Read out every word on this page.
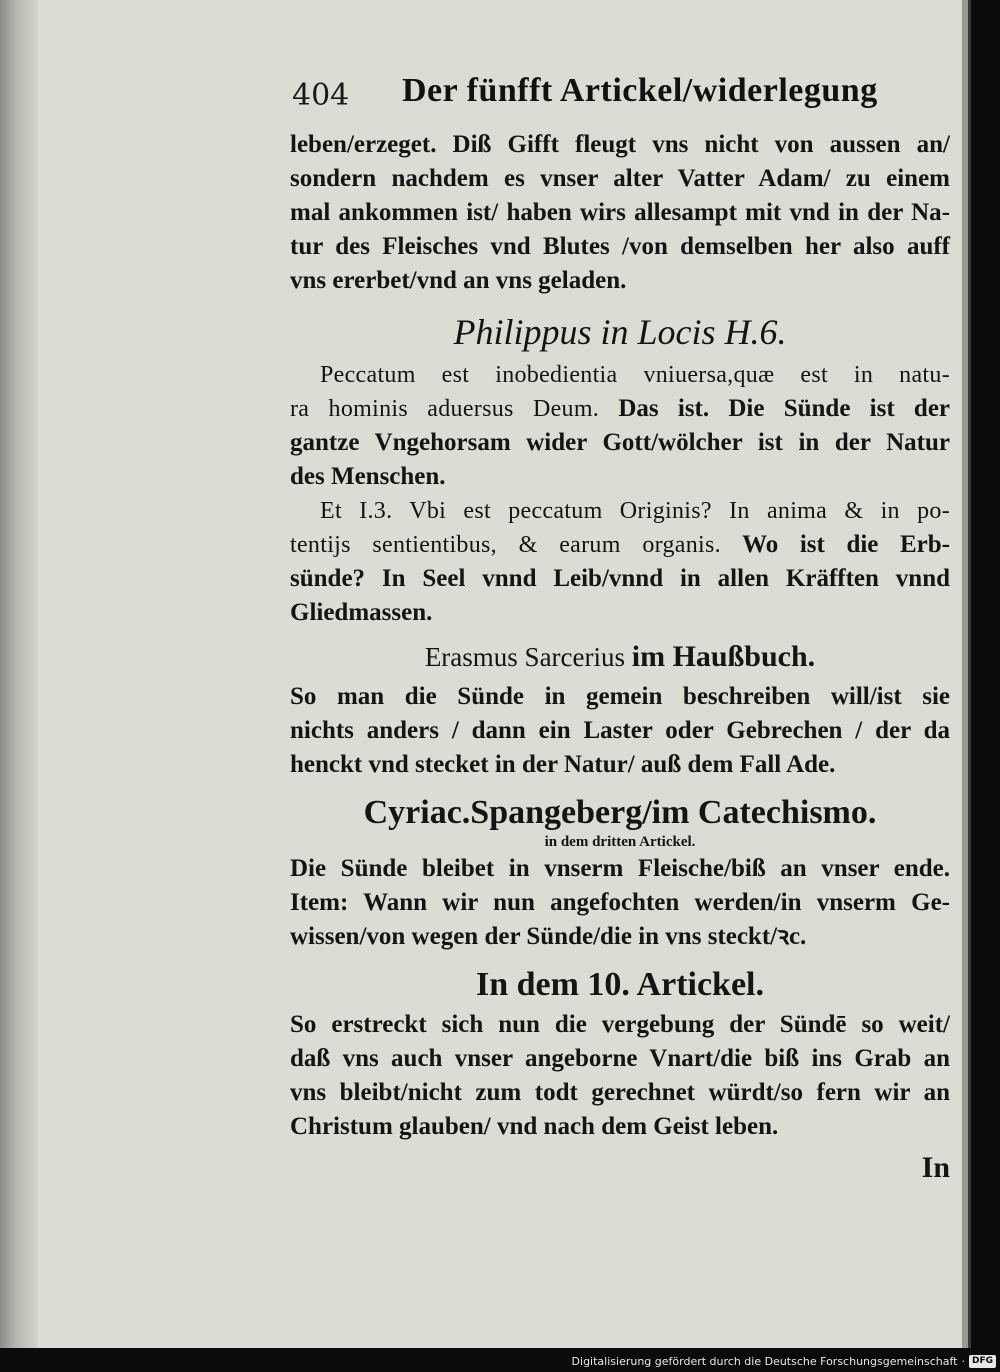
404 Der fünfft Artickel/widerlegung

leben/erzeget. Diß Gifft fleugt vns nicht von aussen an/

sondern nachdem es vnser alter Vatter Adam/ zu einem

mal ankommen ist/ haben wirs allesampt mit vnd in der Na-

tur des Fleisches vnd Blutes /von demselben her also auff

vns ererbet/vnd an vns geladen.

Philippus in Locis H.6.

Peccatum est inobedientia vniuersa,quæ est in natu-

ra hominis aduersus Deum. Das ist. Die Sünde ist der

gantze Vngehorsam wider Gott/wölcher ist in der Natur

des Menschen.

Et I.3. Vbi est peccatum Originis? In anima & in po-

tentijs sentientibus, & earum organis. Wo ist die Erb-

sünde? In Seel vnnd Leib/vnnd in allen Kräfften vnnd

Gliedmassen.

Erasmus Sarcerius im Haußbuch.

So man die Sünde in gemein beschreiben will/ist sie

nichts anders / dann ein Laster oder Gebrechen / der da

henckt vnd stecket in der Natur/ auß dem Fall Ade.

Cyriac.Spangeberg/im Catechismo.
in dem dritten Artickel.

Die Sünde bleibet in vnserm Fleische/biß an vnser ende.

Item: Wann wir nun angefochten werden/in vnserm Ge-

wissen/von wegen der Sünde/die in vns steckt/ꝛc.

In dem 10. Artickel.

So erstreckt sich nun die vergebung der Sündē so weit/

daß vns auch vnser angeborne Vnart/die biß ins Grab an

vns bleibt/nicht zum todt gerechnet würdt/so fern wir an

Christum glauben/ vnd nach dem Geist leben.

In
Digitalisierung gefördert durch die Deutsche Forschungsgemeinschaft · DFG
